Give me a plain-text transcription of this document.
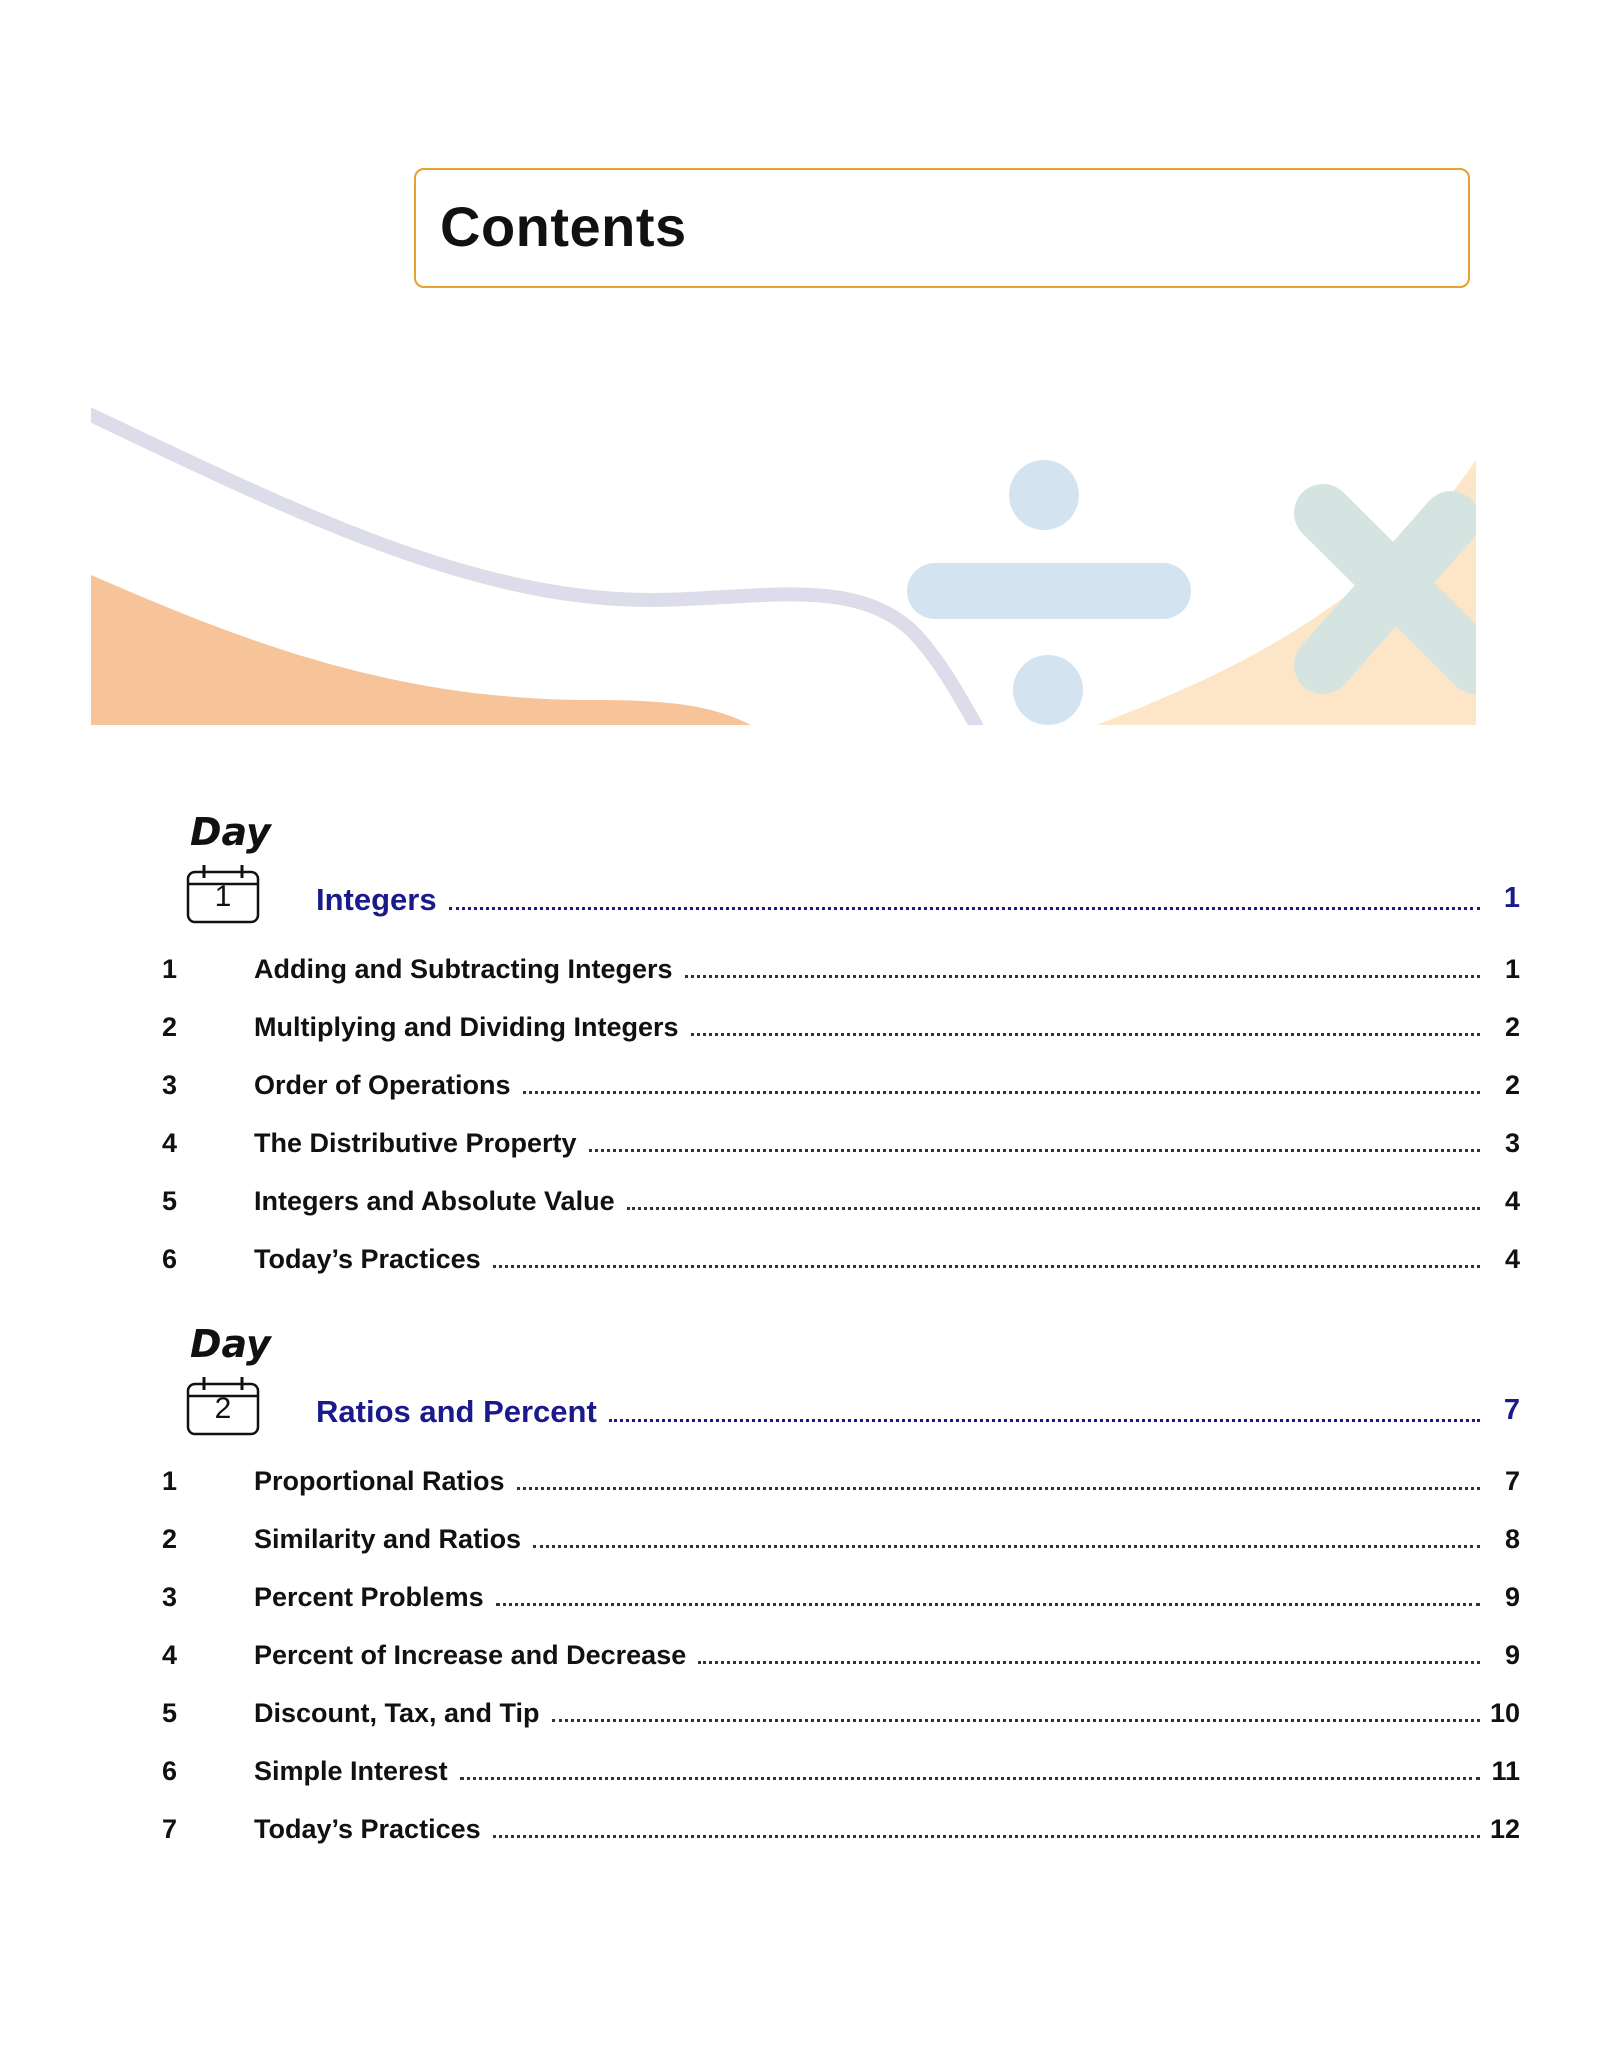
Contents
Day
1	Integers	1
1	Adding and Subtracting Integers	1
2	Multiplying and Dividing Integers	2
3	Order of Operations	2
4	The Distributive Property	3
5	Integers and Absolute Value	4
6	Today’s Practices	4
Day
2	Ratios and Percent	7
1	Proportional Ratios	7
2	Similarity and Ratios	8
3	Percent Problems	9
4	Percent of Increase and Decrease	9
5	Discount, Tax, and Tip	10
6	Simple Interest	11
7	Today’s Practices	12
